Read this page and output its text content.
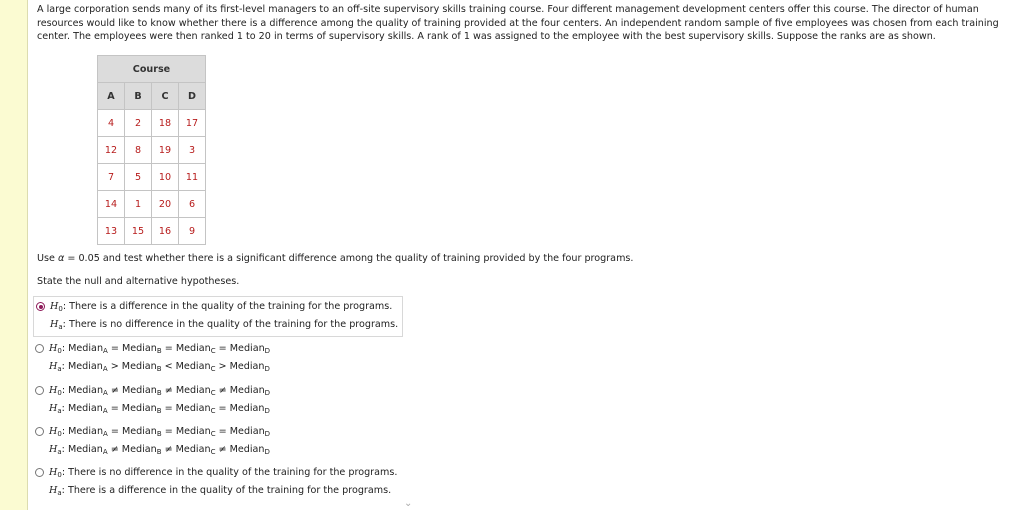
A large corporation sends many of its first-level managers to an off-site supervisory skills training course. Four different management development centers offer this course. The director of human resources would like to know whether there is a difference among the quality of training provided at the four centers. An independent random sample of five employees was chosen from each training center. The employees were then ranked 1 to 20 in terms of supervisory skills. A rank of 1 was assigned to the employee with the best supervisory skills. Suppose the ranks are as shown.

Course			
A	B	C	D
4	2	18	17
12	8	19	3
7	5	10	11
14	1	20	6
13	15	16	9
Use α = 0.05 and test whether there is a significant difference among the quality of training provided by the four programs.
State the null and alternative hypotheses.
$H_0$: There is a difference in the quality of the training for the programs.
$H_a$: There is no difference in the quality of the training for the programs.
$H_0$: Median$_A$ = Median$_B$ = Median$_C$ = Median$_D$
$H_a$: Median$_A$ > Median$_B$ < Median$_C$ > Median$_D$
$H_0$: Median$_A$ ≠ Median$_B$ ≠ Median$_C$ ≠ Median$_D$
$H_a$: Median$_A$ = Median$_B$ = Median$_C$ = Median$_D$
$H_0$: Median$_A$ = Median$_B$ = Median$_C$ = Median$_D$
$H_a$: Median$_A$ ≠ Median$_B$ ≠ Median$_C$ ≠ Median$_D$
$H_0$: There is no difference in the quality of the training for the programs.
$H_a$: There is a difference in the quality of the training for the programs.
⌄
